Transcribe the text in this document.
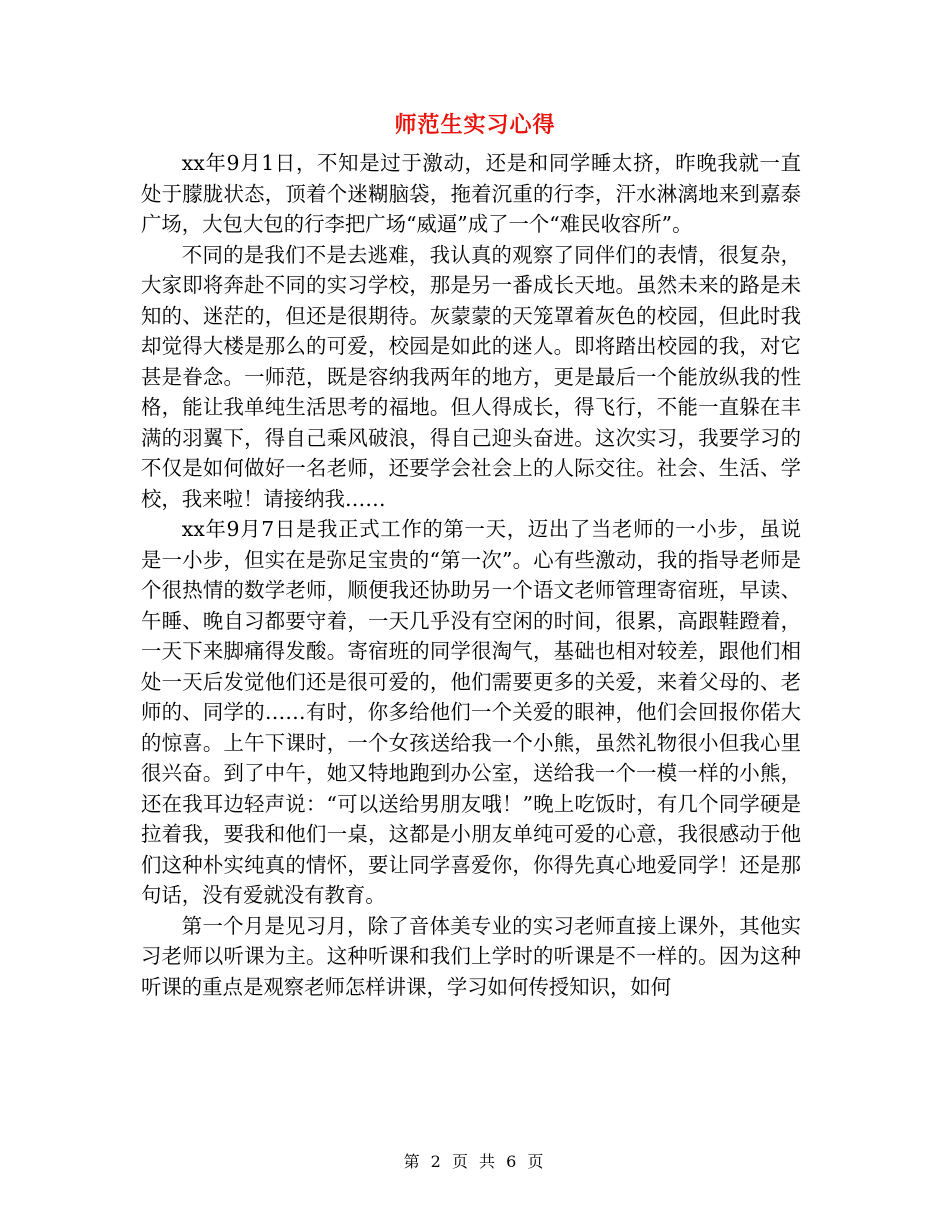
师范生实习心得

xx年9月1日，不知是过于激动，还是和同学睡太挤，昨晚我就一直处于朦胧状态，顶着个迷糊脑袋，拖着沉重的行李，汗水淋漓地来到嘉泰广场，大包大包的行李把广场“威逼”成了一个“难民收容所”。

不同的是我们不是去逃难，我认真的观察了同伴们的表情，很复杂，大家即将奔赴不同的实习学校，那是另一番成长天地。虽然未来的路是未知的、迷茫的，但还是很期待。灰蒙蒙的天笼罩着灰色的校园，但此时我却觉得大楼是那么的可爱，校园是如此的迷人。即将踏出校园的我，对它甚是眷念。一师范，既是容纳我两年的地方，更是最后一个能放纵我的性格，能让我单纯生活思考的福地。但人得成长，得飞行，不能一直躲在丰满的羽翼下，得自己乘风破浪，得自己迎头奋进。这次实习，我要学习的不仅是如何做好一名老师，还要学会社会上的人际交往。社会、生活、学校，我来啦！请接纳我……

xx年9月7日是我正式工作的第一天，迈出了当老师的一小步，虽说是一小步，但实在是弥足宝贵的“第一次”。心有些激动，我的指导老师是个很热情的数学老师，顺便我还协助另一个语文老师管理寄宿班，早读、午睡、晚自习都要守着，一天几乎没有空闲的时间，很累，高跟鞋蹬着，一天下来脚痛得发酸。寄宿班的同学很淘气，基础也相对较差，跟他们相处一天后发觉他们还是很可爱的，他们需要更多的关爱，来着父母的、老师的、同学的……有时，你多给他们一个关爱的眼神，他们会回报你偌大的惊喜。上午下课时，一个女孩送给我一个小熊，虽然礼物很小但我心里很兴奋。到了中午，她又特地跑到办公室，送给我一个一模一样的小熊，还在我耳边轻声说：“可以送给男朋友哦！”晚上吃饭时，有几个同学硬是拉着我，要我和他们一桌，这都是小朋友单纯可爱的心意，我很感动于他们这种朴实纯真的情怀，要让同学喜爱你，你得先真心地爱同学！还是那句话，没有爱就没有教育。

第一个月是见习月，除了音体美专业的实习老师直接上课外，其他实习老师以听课为主。这种听课和我们上学时的听课是不一样的。因为这种听课的重点是观察老师怎样讲课，学习如何传授知识，如何

第 2 页 共 6 页
